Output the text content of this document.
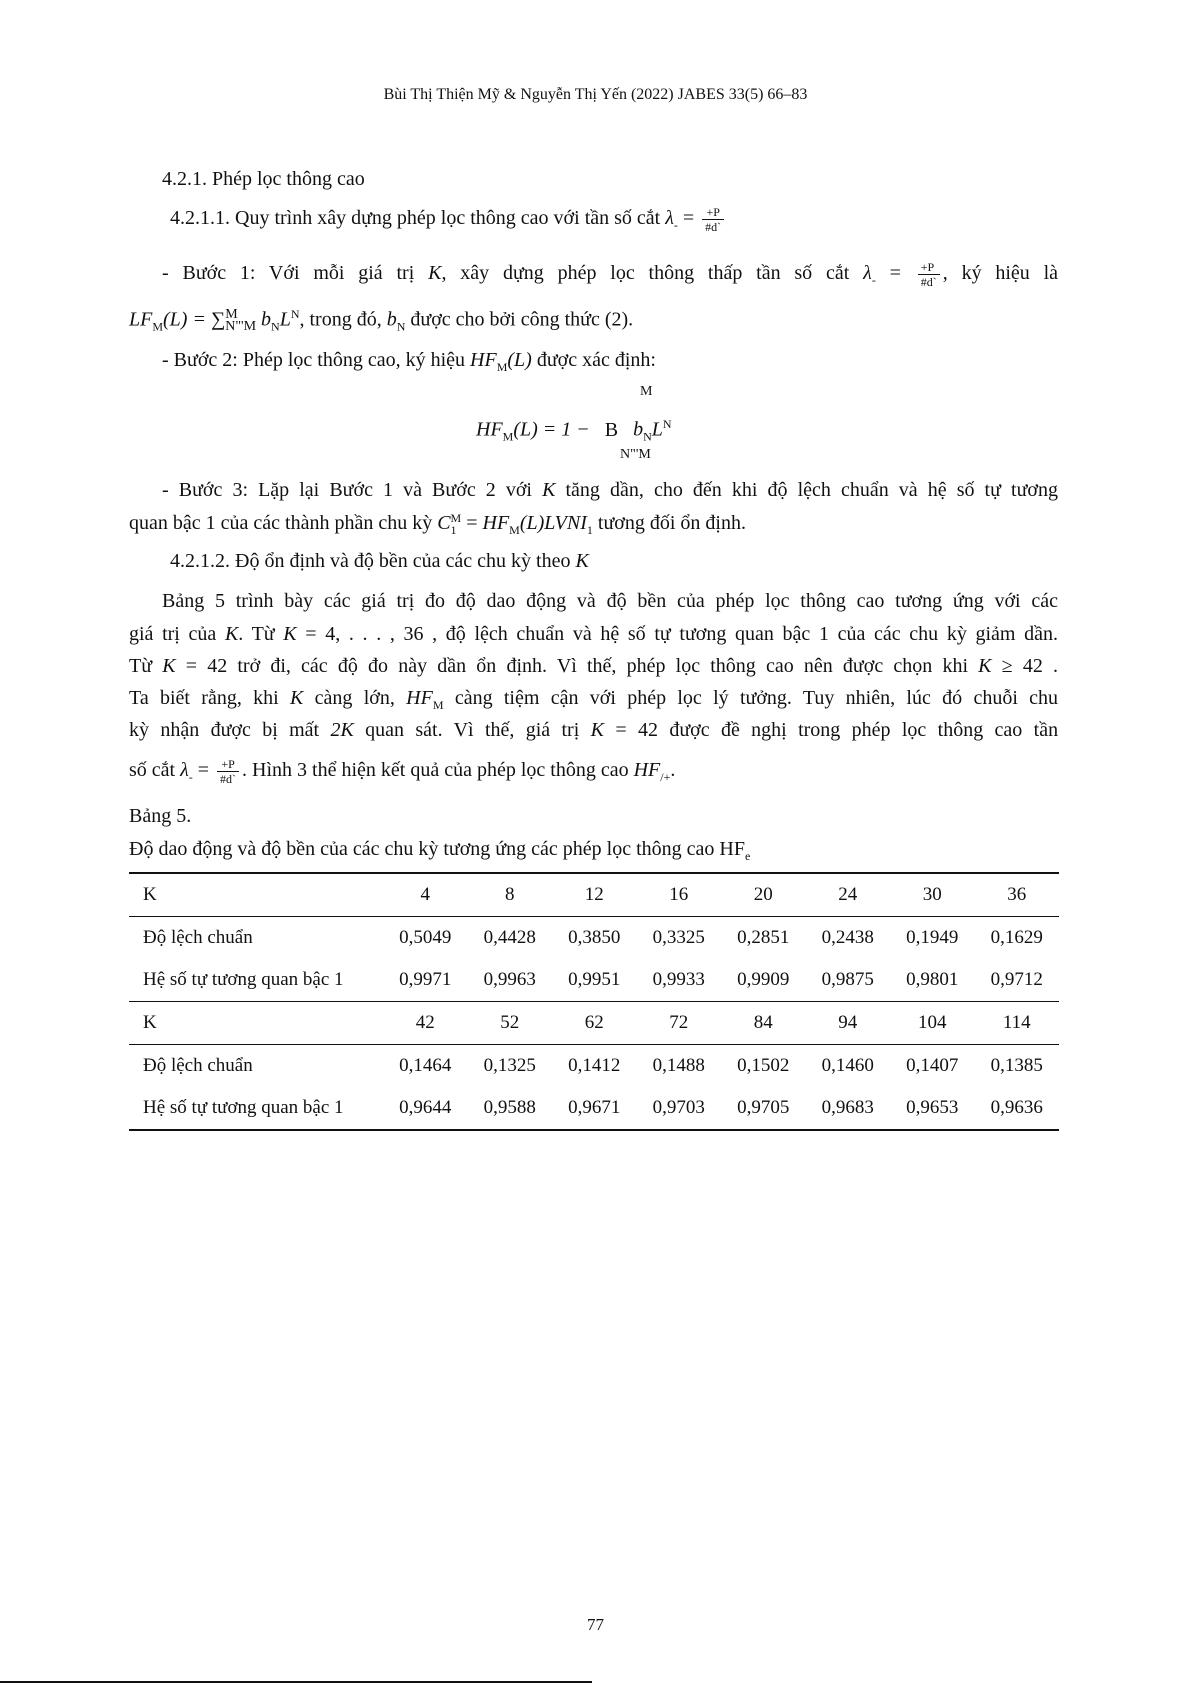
Bùi Thị Thiện Mỹ & Nguyễn Thị Yến (2022) JABES 33(5) 66–83
4.2.1. Phép lọc thông cao
4.2.1.1. Quy trình xây dựng phép lọc thông cao với tần số cắt $\lambda_- = \frac{+P}{\#d`}$
- Bước 1: Với mỗi giá trị K, xây dựng phép lọc thông thấp tần số cắt $\lambda_- = \frac{+P}{\#d`}$ , ký hiệu là
$LF_M(L)$ = ∑ M
N"'M $b_NL^N$, trong đó, $b_N$ được cho bởi công thức (2).
- Bước 2: Phép lọc thông cao, ký hiệu $HF_M(L)$ được xác định:
M
$HF_M(L) = 1 - B$ $b_NL^N$
N"'M
- Bước 3: Lặp lại Bước 1 và Bước 2 với K tăng dần, cho đến khi độ lệch chuẩn và hệ số tự tương
quan bậc 1 của các thành phần chu kỳ C M
$1 = HF_M(L)LVNI_1$ tương đối ổn định.
4.2.1.2. Độ ổn định và độ bền của các chu kỳ theo K
Bảng 5 trình bày các giá trị đo độ dao động và độ bền của phép lọc thông cao tương ứng với các
giá trị của K. Từ K = 4, . . . , 36 , độ lệch chuẩn và hệ số tự tương quan bậc 1 của các chu kỳ giảm dần.
Từ K = 42 trở đi, các độ đo này dần ổn định. Vì thế, phép lọc thông cao nên được chọn khi K ≥ 42 .
Ta biết rằng, khi K càng lớn, $HF_M$ càng tiệm cận với phép lọc lý tưởng. Tuy nhiên, lúc đó chuỗi chu
kỳ nhận được bị mất 2K quan sát. Vì thế, giá trị K = 42 được đề nghị trong phép lọc thông cao tần
số cắt $\lambda_- = \frac{+P}{\#d`}$ . Hình 3 thể hiện kết quả của phép lọc thông cao $HF_{/+}$.
Bảng 5.
Độ dao động và độ bền của các chu kỳ tương ứng các phép lọc thông cao $HF_e$
K	4	8	12	16	20	24	30	36
Độ lệch chuẩn	0,5049	0,4428	0,3850	0,3325	0,2851	0,2438	0,1949	0,1629
Hệ số tự tương quan bậc 1	0,9971	0,9963	0,9951	0,9933	0,9909	0,9875	0,9801	0,9712
K	42	52	62	72	84	94	104	114
Độ lệch chuẩn	0,1464	0,1325	0,1412	0,1488	0,1502	0,1460	0,1407	0,1385
Hệ số tự tương quan bậc 1	0,9644	0,9588	0,9671	0,9703	0,9705	0,9683	0,9653	0,9636
77
